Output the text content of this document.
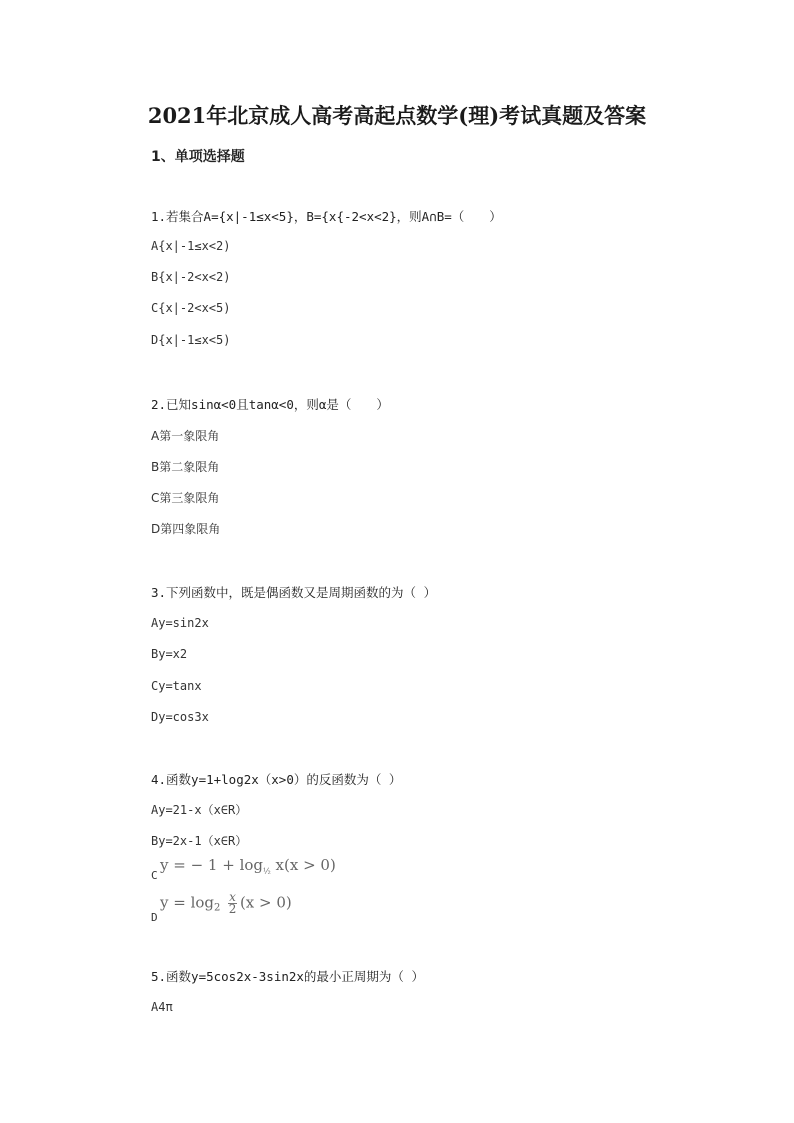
2021年北京成人高考高起点数学(理)考试真题及答案

1、单项选择题

1.若集合A={x|-1≤x<5}，B={x{-2<x<2}，则A∩B=（　　）
A{x|-1≤x<2)
B{x|-2<x<2)
C{x|-2<x<5)
D{x|-1≤x<5)
2.已知sinα<0且tanα<0，则α是（　　）
A第一象限角
B第二象限角
C第三象限角
D第四象限角
3.下列函数中，既是偶函数又是周期函数的为（ ）
Ay=sin2x
By=x2
Cy=tanx
Dy=cos3x
4.函数y=1+log2x（x>0）的反函数为（ ）
Ay=21-x（x∈R）
By=2x-1（x∈R）
C
y = − $1 + \log_{\frac{1}{2}} x(x > 0)$
D
$y = \log_2 \frac{x}{2} (x > 0)$
5.函数y=5cos2x-3sin2x的最小正周期为（ ）
A4π
